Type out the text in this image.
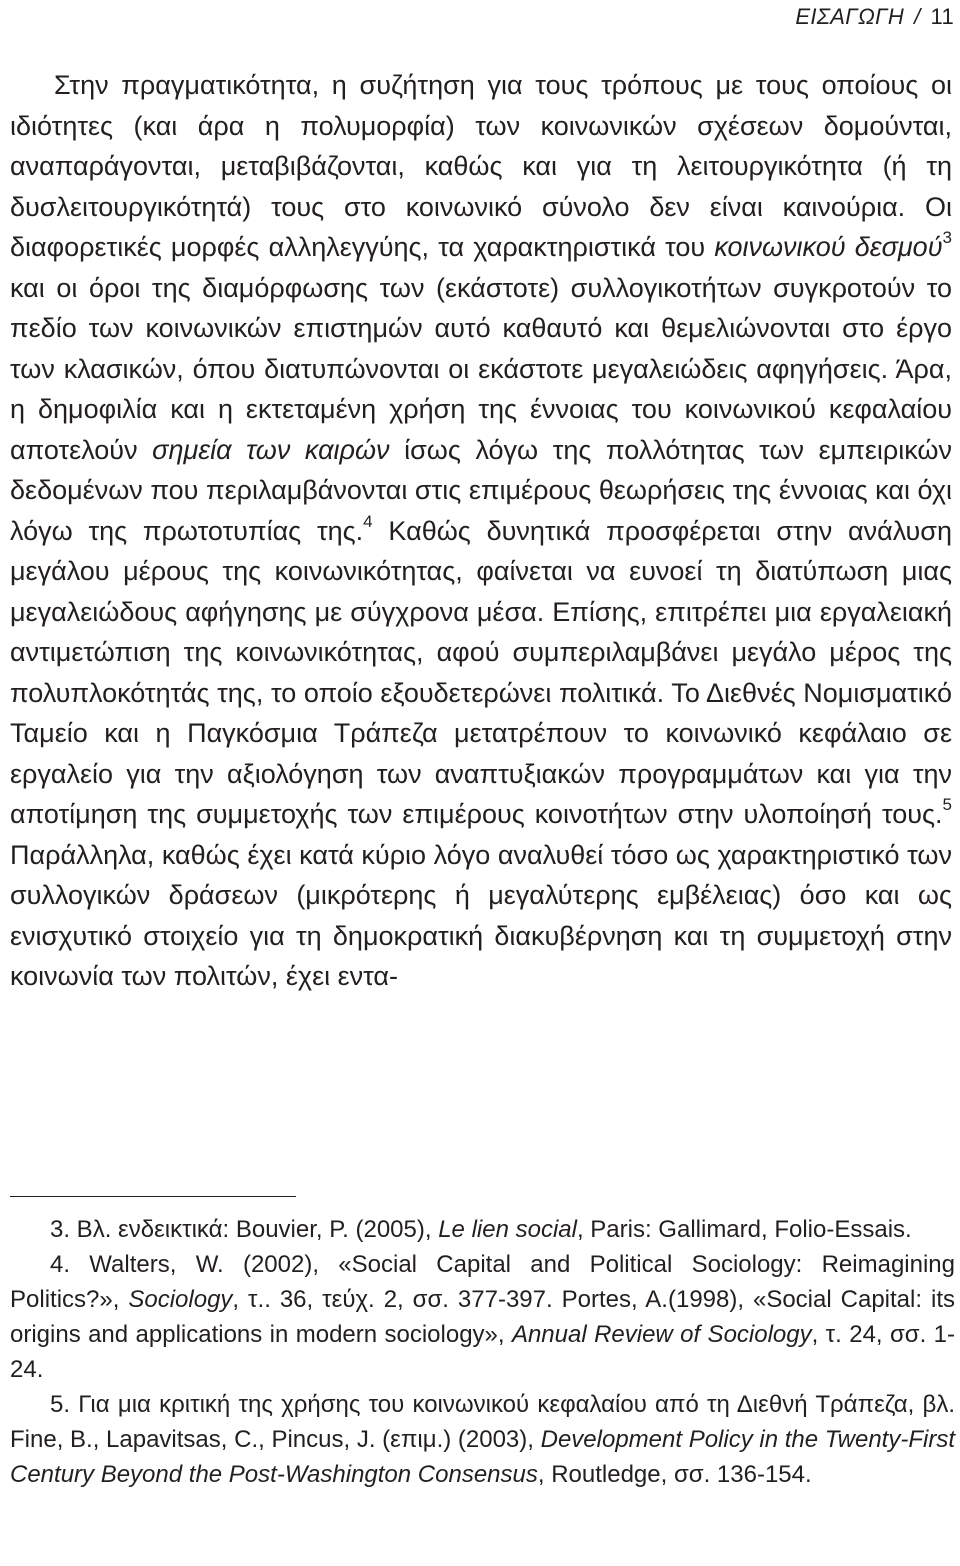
ΕΙΣΑΓΩΓΗ / 11

Στην πραγματικότητα, η συζήτηση για τους τρόπους με τους οποίους οι ιδιότητες (και άρα η πολυμορφία) των κοινωνικών σχέσεων δομούνται, αναπαράγονται, μεταβιβάζονται, καθώς και για τη λειτουργικότητα (ή τη δυσλειτουργικότητά) τους στο κοινωνικό σύνολο δεν είναι καινούρια. Οι διαφορετικές μορφές αλληλεγγύης, τα χαρακτηριστικά του κοινωνικού δεσμού$^3$ και οι όροι της διαμόρφωσης των (εκάστοτε) συλλογικοτήτων συγκροτούν το πεδίο των κοινωνικών επιστημών αυτό καθαυτό και θεμελιώνονται στο έργο των κλασικών, όπου διατυπώνονται οι εκάστοτε μεγαλειώδεις αφηγήσεις. Άρα, η δημοφιλία και η εκτεταμένη χρήση της έννοιας του κοινωνικού κεφαλαίου αποτελούν σημεία των καιρών ίσως λόγω της πολλότητας των εμπειρικών δεδομένων που περιλαμβάνονται στις επιμέρους θεωρήσεις της έννοιας και όχι λόγω της πρωτοτυπίας της.$^4$ Καθώς δυνητικά προσφέρεται στην ανάλυση μεγάλου μέρους της κοινωνικότητας, φαίνεται να ευνοεί τη διατύπωση μιας μεγαλειώδους αφήγησης με σύγχρονα μέσα. Επίσης, επιτρέπει μια εργαλειακή αντιμετώπιση της κοινωνικότητας, αφού συμπεριλαμβάνει μεγάλο μέρος της πολυπλοκότητάς της, το οποίο εξουδετερώνει πολιτικά. Το Διεθνές Νομισματικό Ταμείο και η Παγκόσμια Τράπεζα μετατρέπουν το κοινωνικό κεφάλαιο σε εργαλείο για την αξιολόγηση των αναπτυξιακών προγραμμάτων και για την αποτίμηση της συμμετοχής των επιμέρους κοινοτήτων στην υλοποίησή τους.$^5$ Παράλληλα, καθώς έχει κατά κύριο λόγο αναλυθεί τόσο ως χαρακτηριστικό των συλλογικών δράσεων (μικρότερης ή μεγαλύτερης εμβέλειας) όσο και ως ενισχυτικό στοιχείο για τη δημοκρατική διακυβέρνηση και τη συμμετοχή στην κοινωνία των πολιτών, έχει εντα-

3. Βλ. ενδεικτικά: Bouvier, P. (2005), Le lien social, Paris: Gallimard, Folio-Essais.

4. Walters, W. (2002), «Social Capital and Political Sociology: Reimagining Politics?», Sociology, τ.. 36, τεύχ. 2, σσ. 377-397. Portes, A.(1998), «Social Capital: its origins and applications in modern sociology», Annual Review of Sociology, τ. 24, σσ. 1-24.

5. Για μια κριτική της χρήσης του κοινωνικού κεφαλαίου από τη Διεθνή Τράπεζα, βλ. Fine, B., Lapavitsas, C., Pincus, J. (επιμ.) (2003), Development Policy in the Twenty-First Century Beyond the Post-Washington Consensus, Routledge, σσ. 136-154.
